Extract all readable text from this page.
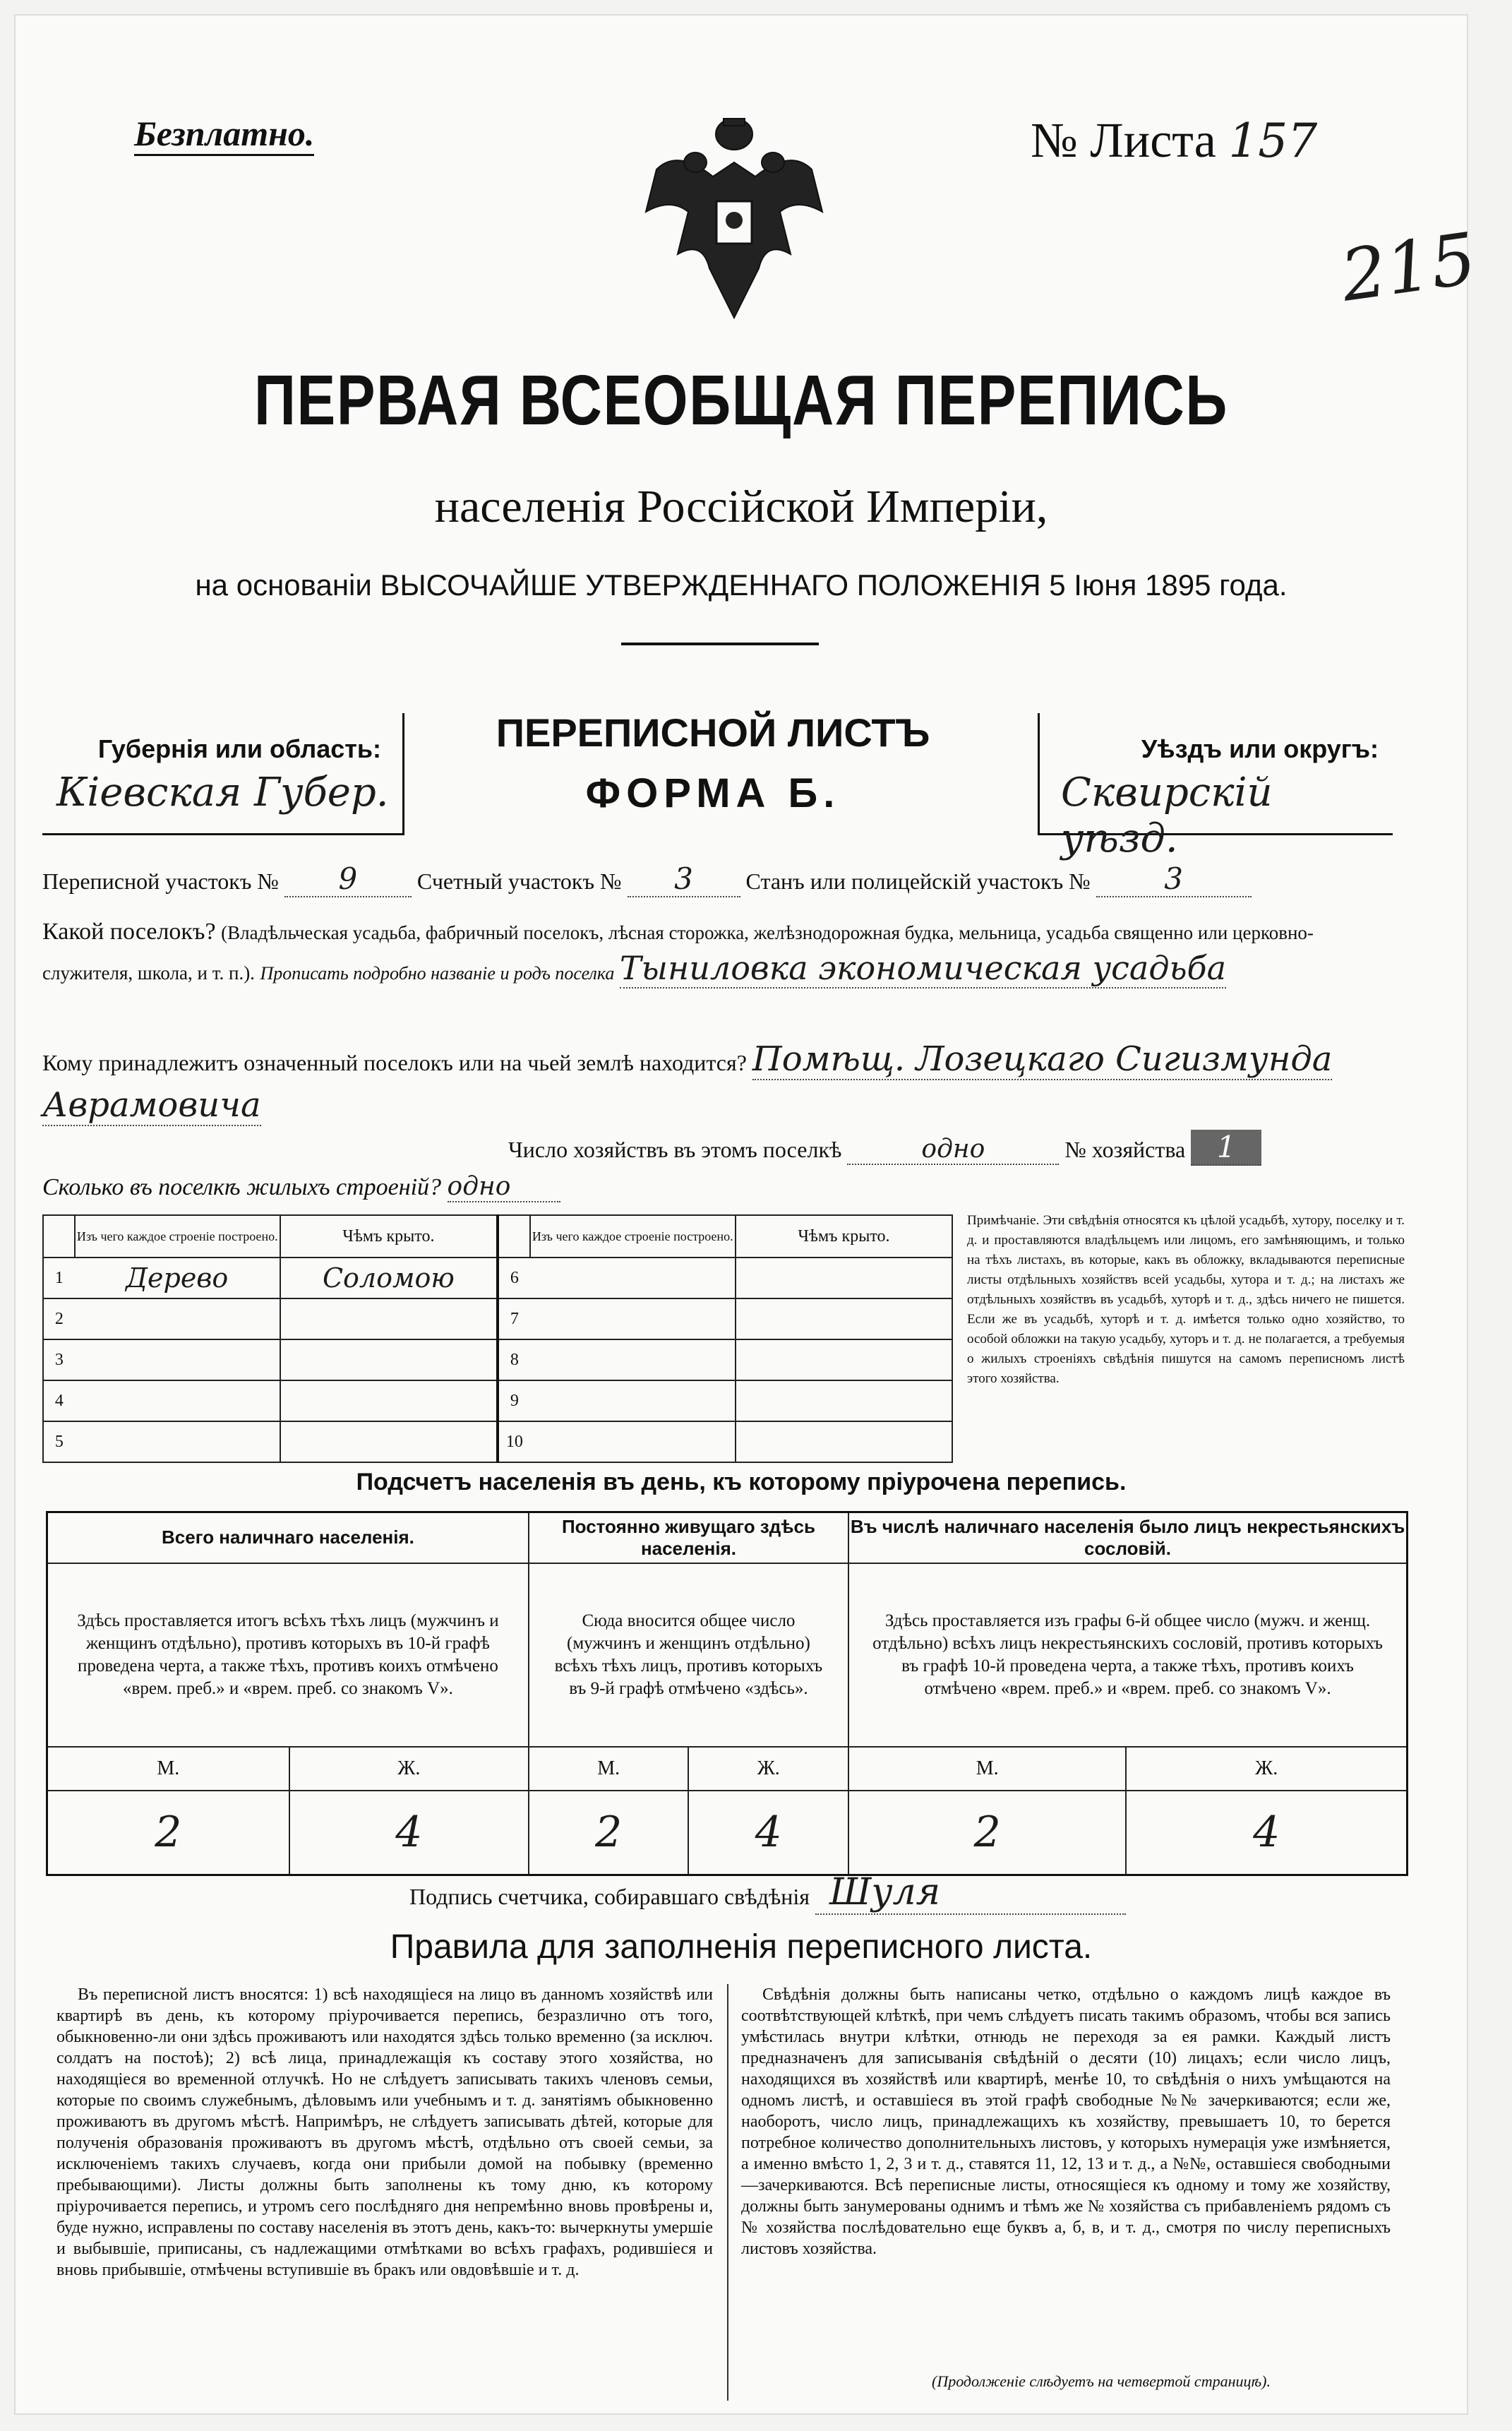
Безплатно.	№ Листа 157
215
ПЕРВАЯ ВСЕОБЩАЯ ПЕРЕПИСЬ
населенія Россійской Имперіи,
на основаніи ВЫСОЧАЙШЕ УТВЕРЖДЕННАГО ПОЛОЖЕНІЯ 5 Іюня 1895 года.
Губернія или область:
Кіевская Губер.
ПЕРЕПИСНОЙ ЛИСТЪ
ФОРМА Б.
Уѣздъ или округъ:
Сквирскій уѣзд.
Переписной участокъ № 9	Счетный участокъ № 3 Станъ или полицейскій участокъ № 3
Какой поселокъ? (Владѣльческая усадьба, фабричный поселокъ, лѣсная сторожка, желѣзнодорожная будка, мельница, усадьба священно или церковно-служителя, школа, и т. п.). Прописать подробно названіе и родъ поселка Тыниловка экономическая усадьба
Кому принадлежитъ означенный поселокъ или на чьей землѣ находится? Помѣщ. Лозецкаго Сигизмунда Аврамовича
Число хозяйствъ въ этомъ поселкѣ	одно	№ хозяйства 1
Сколько въ поселкѣ жилыхъ строеній? одно
	Изъ чего каждое строеніе построено.	Чѣмъ крыто.		Изъ чего каждое строеніе построено.	Чѣмъ крыто.
1	Дерево	Соломою	6		
2			7		
3			8		
4			9		
5			10		
Примѣчаніе. Эти свѣдѣнія относятся къ цѣлой усадьбѣ, хутору, поселку и т. д. и проставляются владѣльцемъ или лицомъ, его замѣняющимъ, и только на тѣхъ листахъ, въ которые, какъ въ обложку, вкладываются переписные листы отдѣльныхъ хозяйствъ всей усадьбы, хутора и т. д.; на листахъ же отдѣльныхъ хозяйствъ въ усадьбѣ, хуторѣ и т. д., здѣсь ничего не пишется. Если же въ усадьбѣ, хуторѣ и т. д. имѣется только одно хозяйство, то особой обложки на такую усадьбу, хуторъ и т. д. не полагается, а требуемыя о жилыхъ строеніяхъ свѣдѣнія пишутся на самомъ переписномъ листѣ этого хозяйства.
Подсчетъ населенія въ день, къ которому пріурочена перепись.
Всего наличнаго населенія.		Постоянно живущаго здѣсь населенія.		Въ числѣ наличнаго населенія было лицъ некрестьянскихъ сословій.	
Здѣсь проставляется итогъ всѣхъ тѣхъ лицъ (мужчинъ и женщинъ отдѣльно), противъ которыхъ въ 10-й графѣ проведена черта, а также тѣхъ, противъ коихъ отмѣчено «врем. преб.» и «врем. преб. со знакомъ V».		Сюда вносится общее число (мужчинъ и женщинъ отдѣльно) всѣхъ тѣхъ лицъ, противъ которыхъ въ 9-й графѣ отмѣчено «здѣсь».		Здѣсь проставляется изъ графы 6-й общее число (мужч. и женщ. отдѣльно) всѣхъ лицъ некрестьянскихъ сословій, противъ которыхъ въ графѣ 10-й проведена черта, а также тѣхъ, противъ коихъ отмѣчено «врем. преб.» и «врем. преб. со знакомъ V».	
М.	Ж.	М.	Ж.	М.	Ж.
2	4	2	4	2	4
Подпись счетчика, собиравшаго свѣдѣнія Шуля
Правила для заполненія переписного листа.
Въ переписной листъ вносятся: 1) всѣ находящіеся на лицо въ данномъ хозяйствѣ или квартирѣ въ день, къ которому пріурочивается перепись, безразлично отъ того, обыкновенно-ли они здѣсь проживаютъ или находятся здѣсь только временно (за исключ. солдатъ на постоѣ); 2) всѣ лица, принадлежащія къ составу этого хозяйства, но находящіеся во временной отлучкѣ. Но не слѣдуетъ записывать такихъ членовъ семьи, которые по своимъ служебнымъ, дѣловымъ или учебнымъ и т. д. занятіямъ обыкновенно проживаютъ въ другомъ мѣстѣ. Напримѣръ, не слѣдуетъ записывать дѣтей, которые для полученія образованія проживаютъ въ другомъ мѣстѣ, отдѣльно отъ своей семьи, за исключеніемъ такихъ случаевъ, когда они прибыли домой на побывку (временно пребывающими). Листы должны быть заполнены къ тому дню, къ которому пріурочивается перепись, и утромъ сего послѣдняго дня непремѣнно вновь провѣрены и, буде нужно, исправлены по составу населенія въ этотъ день, какъ-то: вычеркнуты умершіе и выбывшіе, приписаны, съ надлежащими отмѣтками во всѣхъ графахъ, родившіеся и вновь прибывшіе, отмѣчены вступившіе въ бракъ или овдовѣвшіе и т. д.
Свѣдѣнія должны быть написаны четко, отдѣльно о каждомъ лицѣ каждое въ соотвѣтствующей клѣткѣ, при чемъ слѣдуетъ писать такимъ образомъ, чтобы вся запись умѣстилась внутри клѣтки, отнюдь не переходя за ея рамки. Каждый листъ предназначенъ для записыванія свѣдѣній о десяти (10) лицахъ; если число лицъ, находящихся въ хозяйствѣ или квартирѣ, менѣе 10, то свѣдѣнія о нихъ умѣщаются на одномъ листѣ, и оставшіеся въ этой графѣ свободные №№ зачеркиваются; если же, наоборотъ, число лицъ, принадлежащихъ къ хозяйству, превышаетъ 10, то берется потребное количество дополнительныхъ листовъ, у которыхъ нумерація уже измѣняется, а именно вмѣсто 1, 2, 3 и т. д., ставятся 11, 12, 13 и т. д., а №№, оставшіеся свободными—зачеркиваются. Всѣ переписные листы, относящіеся къ одному и тому же хозяйству, должны быть занумерованы однимъ и тѣмъ же № хозяйства съ прибавленіемъ рядомъ съ № хозяйства послѣдовательно еще буквъ а, б, в, и т. д., смотря по числу переписныхъ листовъ хозяйства.
(Продолженіе слѣдуетъ на четвертой страницѣ).
